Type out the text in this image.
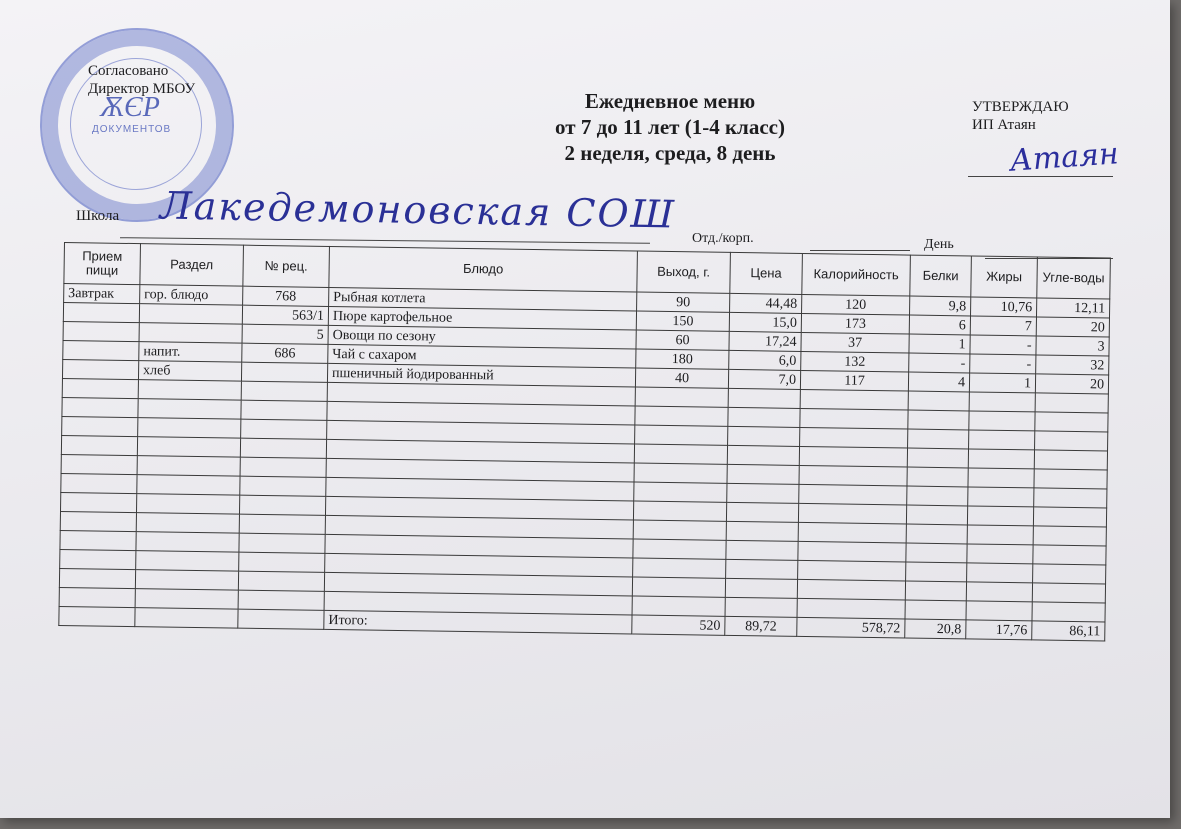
ѪЄР
ДОКУМЕНТОВ
Согласовано
Директор МБОУ	Ежедневное меню
от 7 до 11 лет (1-4 класс)
2 неделя, среда, 8 день
УТВЕРЖДАЮ
ИП Атаян
Атаян
Школа Лакедемоновская СОШ
Отд./корп.	День
Прием пищи	Раздел	№ рец.	Блюдо	Выход, г.	Цена	Калорийность	Белки	Жиры	Угле-воды
Завтрак	гор. блюдо	768	Рыбная котлета	90	44,48	120	9,8	10,76	12,11
		563/1	Пюре картофельное	150	15,0	173	6	7	20
		5	Овощи по сезону	60	17,24	37	1	-	3
	напит.	686	Чай с сахаром	180	6,0	132	-	-	32
	хлеб		пшеничный йодированный	40	7,0	117	4	1	20

			Итого:	520	89,72	578,72	20,8	17,76	86,11
